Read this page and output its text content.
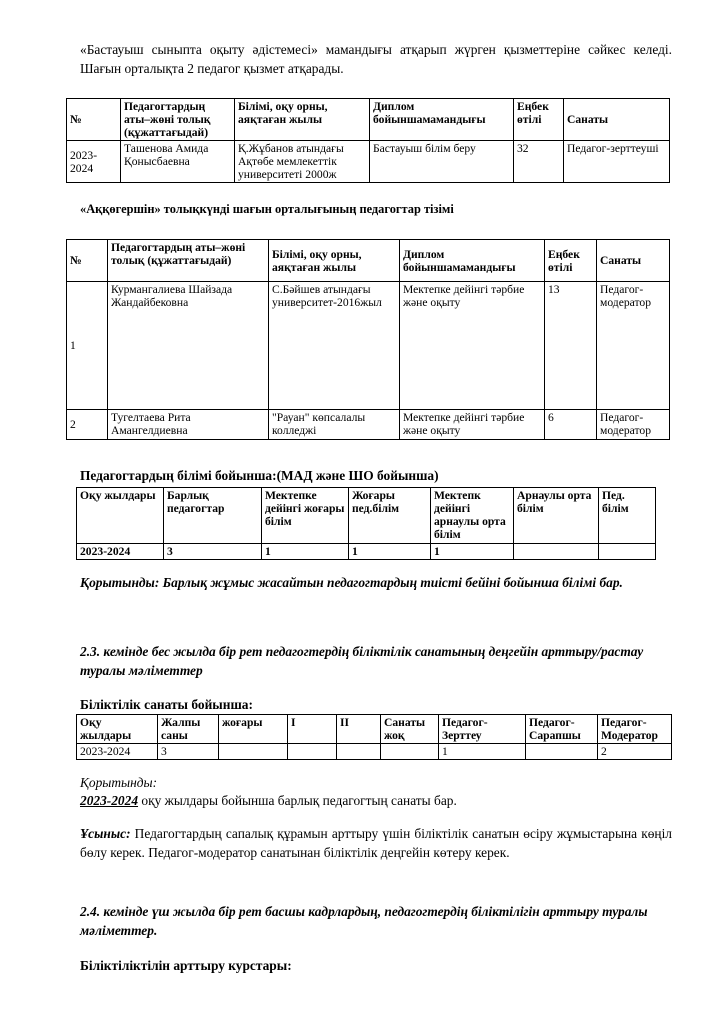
«Бастауыш сыныпта оқыту әдістемесі» мамандығы атқарып жүрген қызметтеріне сәйкес келеді. Шағын орталықта 2 педагог қызмет атқарады.

№	Педагогтардың аты–жөні толық (құжаттағыдай)	Білімі, оқу орны, аяқтаған жылы	Диплом бойыншамамандығы	Еңбек өтілі	Санаты
2023-2024	Ташенова Амида Қонысбаевна	Қ.Жұбанов атындағы Ақтөбе мемлекеттік университеті 2000ж	Бастауыш білім беру	32	Педагог-зерттеуші

«Аққөгершін» толықкүнді шағын орталығының педагогтар тізімі

№	Педагогтардың аты–жөні толық (құжаттағыдай)	Білімі, оқу орны, аяқтаған жылы	Диплом бойыншамамандығы	Еңбек өтілі	Санаты
1	Курмангалиева Шайзада Жандайбековна	С.Бәйшев атындағы университет-2016жыл	Мектепке дейінгі тәрбие және оқыту	13	Педагог-модератор
2	Тугелтаева Рита Амангелдиевна	"Рауан" көпсалалы колледжі	Мектепке дейінгі тәрбие және оқыту	6	Педагог-модератор

Педагогтардың білімі бойынша:(МАД және ШО бойынша)

Оқу жылдары	Барлық педагогтар	Мектепке дейінгі жоғары білім	Жоғары пед.білім	Мектепк дейінгі арнаулы орта білім	Арнаулы орта білім	Пед. білім
2023-2024	3	1	1	1		

Қорытынды: Барлық жұмыс жасайтын педагогтардың тиісті бейіні бойынша білімі бар.

2.3. кемінде бес жылда бір рет педагогтердің біліктілік санатының деңгейін арттыру/растау туралы мәліметтер

Біліктілік санаты бойынша:

Оқу жылдары	Жалпы саны	жоғары	I	II	Санаты жоқ	Педагог-Зерттеу	Педагог-Сарапшы	Педагог-Модератор
2023-2024	3					1		2

Қорытынды:

2023-2024 оқу жылдары бойынша барлық педагогтың санаты бар.

Ұсыныс: Педагогтардың сапалық құрамын арттыру үшін біліктілік санатын өсіру жұмыстарына көңіл бөлу керек. Педагог-модератор санатынан біліктілік деңгейін көтеру керек.

2.4. кемінде үш жылда бір рет басшы кадрлардың, педагогтердің біліктілігін арттыру туралы мәліметтер.

Біліктіліктілін арттыру курстары:
